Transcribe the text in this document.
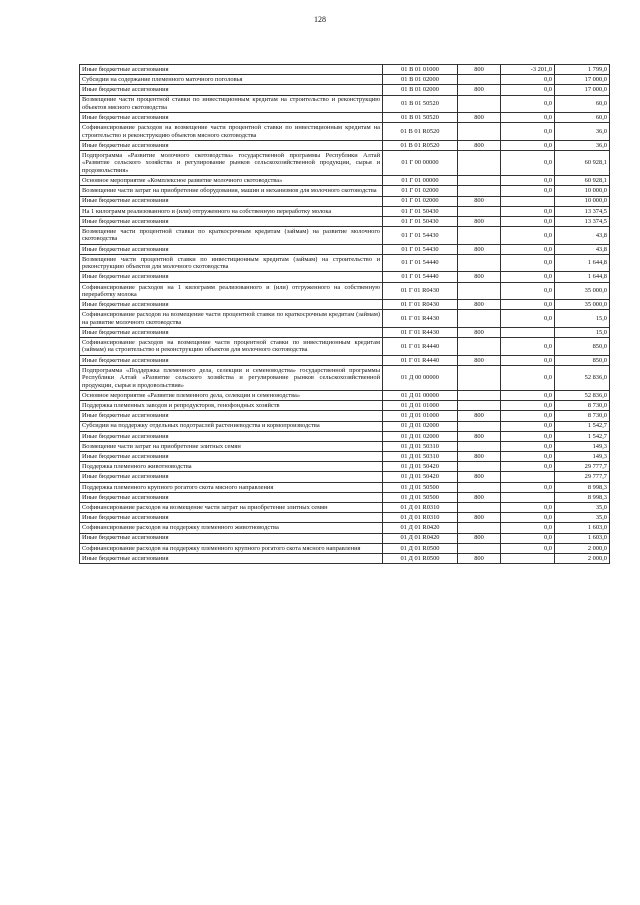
128
Иные бюджетные ассигнования	01 В 01 01000	800	-3 201,0	1 799,0
Субсидии на содержание племенного маточного поголовья	01 В 01 02000		0,0	17 000,0
Иные бюджетные ассигнования	01 В 01 02000	800	0,0	17 000,0
Возмещение части процентной ставки по инвестиционным кредитам на строительство и реконструкцию объектов мясного скотоводства	01 В 01 50520		0,0	60,0
Иные бюджетные ассигнования	01 В 01 50520	800	0,0	60,0
Софинансирование расходов на возмещение части процентной ставки по инвестиционным кредитам на строительство и реконструкцию объектов мясного скотоводства	01 В 01 R0520		0,0	36,0
Иные бюджетные ассигнования	01 В 01 R0520	800	0,0	36,0
Подпрограмма «Развитие молочного скотоводства» государственной программы Республики Алтай «Развитие сельского хозяйства и регулирование рынков сельскохозяйственной продукции, сырья и продовольствия»	01 Г 00 00000		0,0	60 928,1
Основное мероприятие «Комплексное развитие молочного скотоводства»	01 Г 01 00000		0,0	60 928,1
Возмещение части затрат на приобретение оборудования, машин и механизмов для молочного скотоводства	01 Г 01 02000		0,0	10 000,0
Иные бюджетные ассигнования	01 Г 01 02000	800		10 000,0
На 1 килограмм реализованного и (или) отгруженного на собственную переработку молока	01 Г 01 50430		0,0	13 374,5
Иные бюджетные ассигнования	01 Г 01 50430	800	0,0	13 374,5
Возмещение части процентной ставки по краткосрочным кредитам (займам) на развитие молочного скотоводства	01 Г 01 54430		0,0	43,8
Иные бюджетные ассигнования	01 Г 01 54430	800	0,0	43,8
Возмещение части процентной ставки по инвестиционным кредитам (займам) на строительство и реконструкцию объектов для молочного скотоводства	01 Г 01 54440		0,0	1 644,8
Иные бюджетные ассигнования	01 Г 01 54440	800	0,0	1 644,8
Софинансирование расходов на 1 килограмм реализованного и (или) отгруженного на собственную переработку молока	01 Г 01 R0430		0,0	35 000,0
Иные бюджетные ассигнования	01 Г 01 R0430	800	0,0	35 000,0
Софинансирование расходов на возмещение части процентной ставки по краткосрочным кредитам (займам) на развитие молочного скотоводства	01 Г 01 R4430		0,0	15,0
Иные бюджетные ассигнования	01 Г 01 R4430	800		15,0
Софинансирование расходов на возмещение части процентной ставки по инвестиционным кредитам (займам) на строительство и реконструкцию объектов для молочного скотоводства	01 Г 01 R4440		0,0	850,0
Иные бюджетные ассигнования	01 Г 01 R4440	800	0,0	850,0
Подпрограмма «Поддержка племенного дела, селекции и семеноводства» государственной программы Республики Алтай «Развитие сельского хозяйства и регулирование рынков сельскохозяйственной продукции, сырья и продовольствия»	01 Д 00 00000		0,0	52 836,0
Основное мероприятие «Развитие племенного дела, селекции и семеноводства»	01 Д 01 00000		0,0	52 836,0
Поддержка племенных заводов и репродукторов, генофондных хозяйств	01 Д 01 01000		0,0	8 730,0
Иные бюджетные ассигнования	01 Д 01 01000	800	0,0	8 730,0
Субсидии на поддержку отдельных подотраслей растениеводства и кормопроизводства	01 Д 01 02000		0,0	1 542,7
Иные бюджетные ассигнования	01 Д 01 02000	800	0,0	1 542,7
Возмещение части затрат на приобретение элитных семян	01 Д 01 50310		0,0	149,3
Иные бюджетные ассигнования	01 Д 01 50310	800	0,0	149,3
Поддержка племенного животноводства	01 Д 01 50420		0,0	29 777,7
Иные бюджетные ассигнования	01 Д 01 50420	800		29 777,7
Поддержка племенного крупного рогатого скота мясного направления	01 Д 01 50500		0,0	8 998,3
Иные бюджетные ассигнования	01 Д 01 50500	800		8 998,3
Софинансирование расходов на возмещение части затрат на приобретение элитных семян	01 Д 01 R0310		0,0	35,0
Иные бюджетные ассигнования	01 Д 01 R0310	800	0,0	35,0
Софинансирование расходов на поддержку племенного животноводства	01 Д 01 R0420		0,0	1 603,0
Иные бюджетные ассигнования	01 Д 01 R0420	800	0,0	1 603,0
Софинансирование расходов на поддержку племенного крупного рогатого скота мясного направления	01 Д 01 R0500		0,0	2 000,0
Иные бюджетные ассигнования	01 Д 01 R0500	800		2 000,0
